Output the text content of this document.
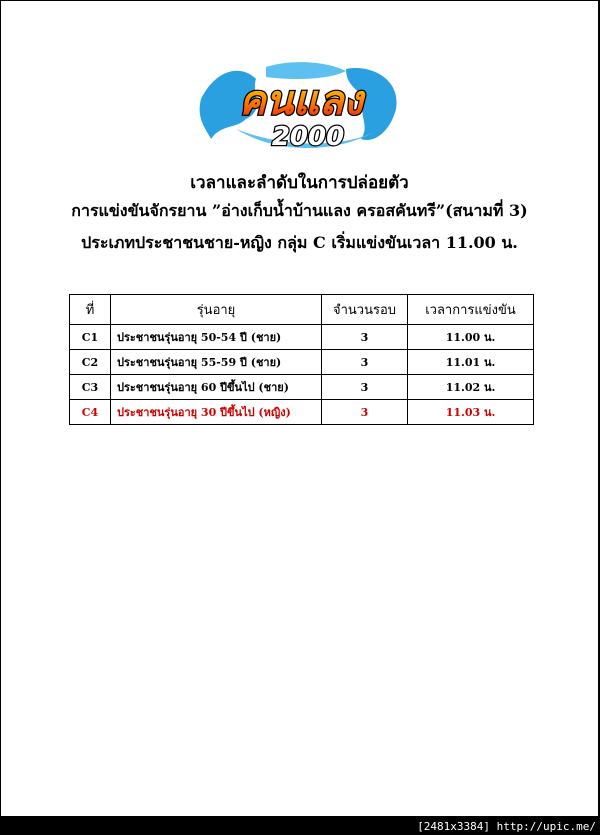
คนแลง
2000
เวลาและลำดับในการปล่อยตัว
การแข่งขันจักรยาน ”อ่างเก็บน้ำบ้านแลง ครอสคันทรี”(สนามที่ 3)
ประเภทประชาชนชาย-หญิง กลุ่ม C เริ่มแข่งขันเวลา 11.00 น.
ที่	รุ่นอายุ	จำนวนรอบ	เวลาการแข่งขัน
C1	ประชาชนรุ่นอายุ 50-54 ปี (ชาย)	3	11.00 น.
C2	ประชาชนรุ่นอายุ 55-59 ปี (ชาย)	3	11.01 น.
C3	ประชาชนรุ่นอายุ 60 ปีขึ้นไป (ชาย)	3	11.02 น.
C4	ประชาชนรุ่นอายุ 30 ปีขึ้นไป (หญิง)	3	11.03 น.
[2481x3384] http://upic.me/
